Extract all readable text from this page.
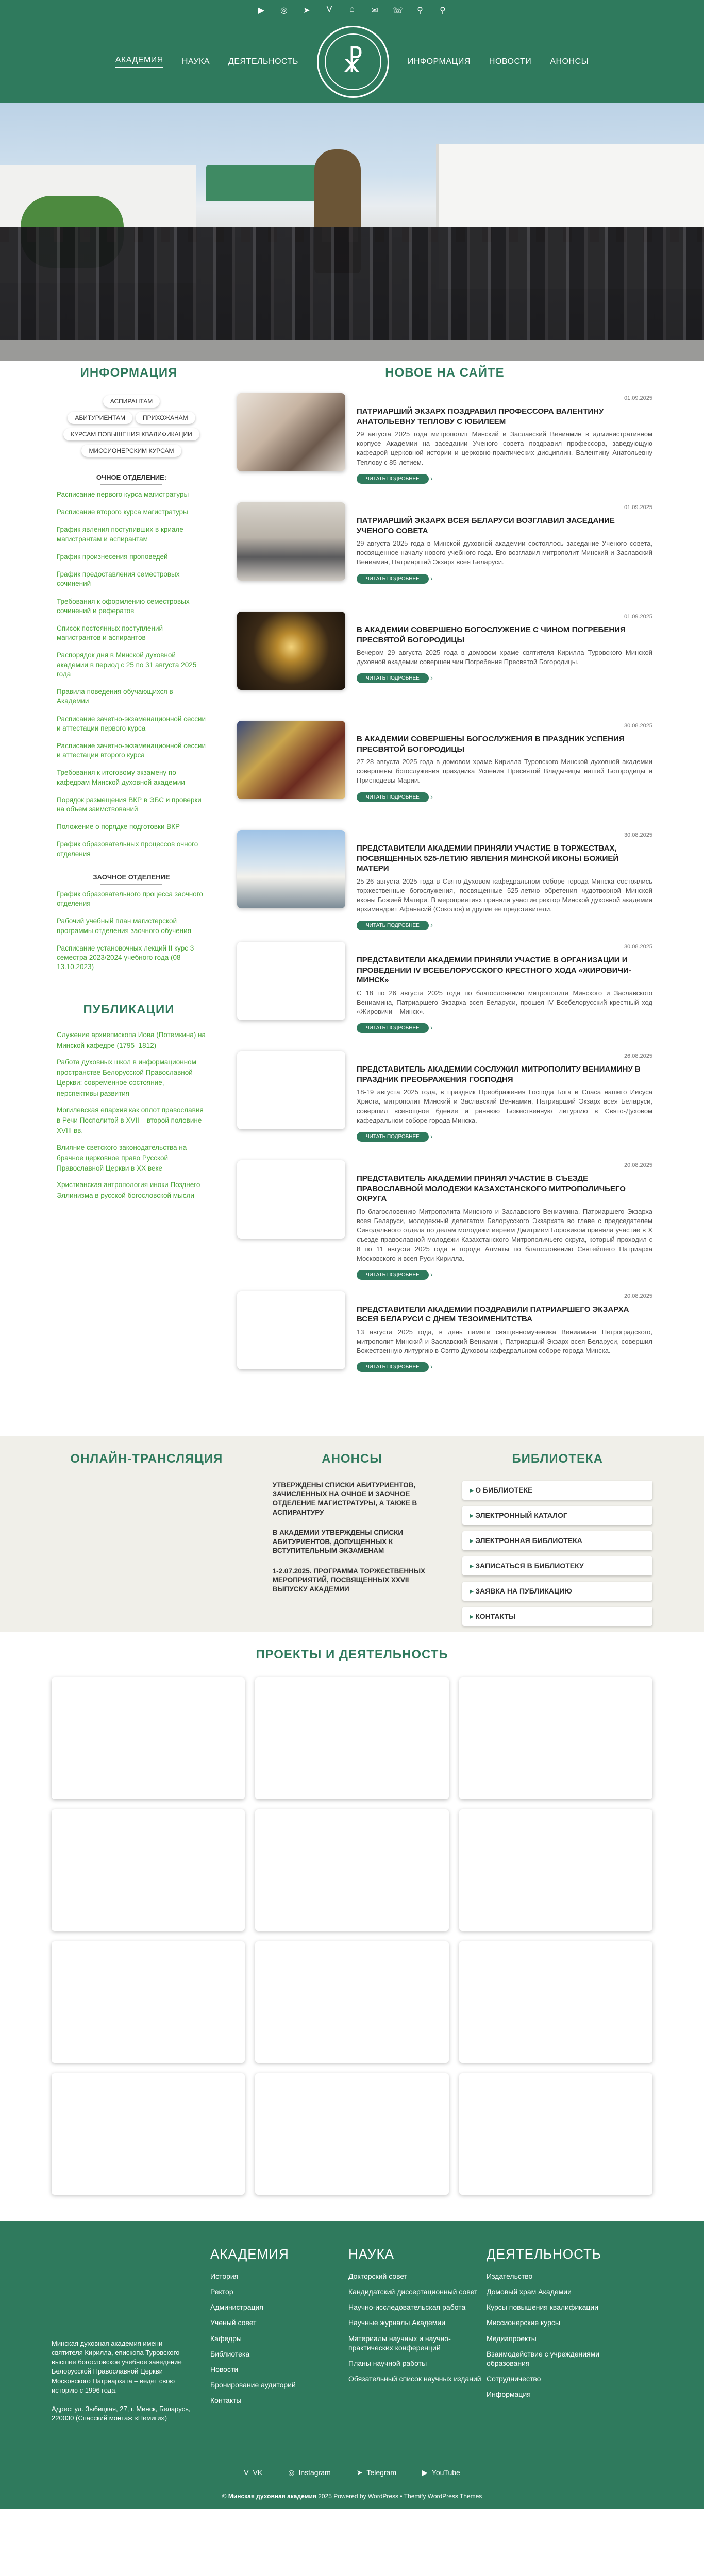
▶ ◎ ➤ V ⌂ ✉ ☏ ⚲ ⚲
АКАДЕМИЯ НАУКА ДЕЯТЕЛЬНОСТЬ	☧	ИНФОРМАЦИЯ НОВОСТИ АНОНСЫ
ИНФОРМАЦИЯ
АСПИРАНТАМ
АБИТУРИЕНТАМ	ПРИХОЖАНАМ
КУРСАМ ПОВЫШЕНИЯ КВАЛИФИКАЦИИ
МИССИОНЕРСКИМ КУРСАМ
ОЧНОЕ ОТДЕЛЕНИЕ:
Расписание первого курса магистратуры
Расписание второго курса магистратуры
График явления поступивших в криале магистрантам и аспирантам
График произнесения проповедей
График предоставления семестровых сочинений
Требования к оформлению семестровых сочинений и рефератов
Список постоянных поступлений магистрантов и аспирантов
Распорядок дня в Минской духовной академии в период с 25 по 31 августа 2025 года
Правила поведения обучающихся в Академии
Расписание зачетно-экзаменационной сессии и аттестации первого курса
Расписание зачетно-экзаменационной сессии и аттестации второго курса
Требования к итоговому экзамену по кафедрам Минской духовной академии
Порядок размещения ВКР в ЭБС и проверки на объем заимствований
Положение о порядке подготовки ВКР
График образовательных процессов очного отделения
ЗАОЧНОЕ ОТДЕЛЕНИЕ
График образовательного процесса заочного отделения
Рабочий учебный план магистерской программы отделения заочного обучения
Расписание установочных лекций II курс 3 семестра 2023/2024 учебного года (08 – 13.10.2023)
ПУБЛИКАЦИИ
Служение архиепископа Иова (Потемкина) на Минской кафедре (1795–1812)
Работа духовных школ в информационном пространстве Белорусской Православной Церкви: современное состояние, перспективы развития
Могилевская епархия как оплот православия в Речи Посполитой в XVII – второй половине XVIII вв.
Влияние светского законодательства на брачное церковное право Русской Православной Церкви в XX веке
Христианская антропология иноки Позднего Эллинизма в русской богословской мысли
НОВОЕ НА САЙТЕ
01.09.2025
ПАТРИАРШИЙ ЭКЗАРХ ПОЗДРАВИЛ ПРОФЕССОРА ВАЛЕНТИНУ АНАТОЛЬЕВНУ ТЕПЛОВУ С ЮБИЛЕЕМ
29 августа 2025 года митрополит Минский и Заславский Вениамин в административном корпусе Академии на заседании Ученого совета поздравил профессора, заведующую кафедрой церковной истории и церковно-практических дисциплин, Валентину Анатольевну Теплову с 85-летием.
ЧИТАТЬ ПОДРОБНЕЕ ›
01.09.2025
ПАТРИАРШИЙ ЭКЗАРХ ВСЕЯ БЕЛАРУСИ ВОЗГЛАВИЛ ЗАСЕДАНИЕ УЧЕНОГО СОВЕТА
29 августа 2025 года в Минской духовной академии состоялось заседание Ученого совета, посвященное началу нового учебного года. Его возглавил митрополит Минский и Заславский Вениамин, Патриарший Экзарх всея Беларуси.
ЧИТАТЬ ПОДРОБНЕЕ ›
01.09.2025
В АКАДЕМИИ СОВЕРШЕНО БОГОСЛУЖЕНИЕ С ЧИНОМ ПОГРЕБЕНИЯ ПРЕСВЯТОЙ БОГОРОДИЦЫ
Вечером 29 августа 2025 года в домовом храме святителя Кирилла Туровского Минской духовной академии совершен чин Погребения Пресвятой Богородицы.
ЧИТАТЬ ПОДРОБНЕЕ ›
30.08.2025
В АКАДЕМИИ СОВЕРШЕНЫ БОГОСЛУЖЕНИЯ В ПРАЗДНИК УСПЕНИЯ ПРЕСВЯТОЙ БОГОРОДИЦЫ
27-28 августа 2025 года в домовом храме Кирилла Туровского Минской духовной академии совершены богослужения праздника Успения Пресвятой Владычицы нашей Богородицы и Приснодевы Марии.
ЧИТАТЬ ПОДРОБНЕЕ ›
30.08.2025
ПРЕДСТАВИТЕЛИ АКАДЕМИИ ПРИНЯЛИ УЧАСТИЕ В ТОРЖЕСТВАХ, ПОСВЯЩЕННЫХ 525-ЛЕТИЮ ЯВЛЕНИЯ МИНСКОЙ ИКОНЫ БОЖИЕЙ МАТЕРИ
25-26 августа 2025 года в Свято-Духовом кафедральном соборе города Минска состоялись торжественные богослужения, посвященные 525-летию обретения чудотворной Минской иконы Божией Матери. В мероприятиях приняли участие ректор Минской духовной академии архимандрит Афанасий (Соколов) и другие ее представители.
ЧИТАТЬ ПОДРОБНЕЕ ›
30.08.2025
ПРЕДСТАВИТЕЛИ АКАДЕМИИ ПРИНЯЛИ УЧАСТИЕ В ОРГАНИЗАЦИИ И ПРОВЕДЕНИИ IV ВСЕБЕЛОРУССКОГО КРЕСТНОГО ХОДА «ЖИРОВИЧИ-МИНСК»
С 18 по 26 августа 2025 года по благословению митрополита Минского и Заславского Вениамина, Патриаршего Экзарха всея Беларуси, прошел IV Всебелорусский крестный ход «Жировичи – Минск».
ЧИТАТЬ ПОДРОБНЕЕ ›
26.08.2025
ПРЕДСТАВИТЕЛЬ АКАДЕМИИ СОСЛУЖИЛ МИТРОПОЛИТУ ВЕНИАМИНУ В ПРАЗДНИК ПРЕОБРАЖЕНИЯ ГОСПОДНЯ
18-19 августа 2025 года, в праздник Преображения Господа Бога и Спаса нашего Иисуса Христа, митрополит Минский и Заславский Вениамин, Патриарший Экзарх всея Беларуси, совершил всенощное бдение и раннюю Божественную литургию в Свято-Духовом кафедральном соборе города Минска.
ЧИТАТЬ ПОДРОБНЕЕ ›
20.08.2025
ПРЕДСТАВИТЕЛЬ АКАДЕМИИ ПРИНЯЛ УЧАСТИЕ В СЪЕЗДЕ ПРАВОСЛАВНОЙ МОЛОДЕЖИ КАЗАХСТАНСКОГО МИТРОПОЛИЧЬЕГО ОКРУГА
По благословению Митрополита Минского и Заславского Вениамина, Патриаршего Экзарха всея Беларуси, молодежный делегатом Белорусского Экзархата во главе с председателем Синодального отдела по делам молодежи иереем Дмитрием Боровиком приняла участие в Х съезде православной молодежи Казахстанского Митрополичьего округа, который проходил с 8 по 11 августа 2025 года в городе Алматы по благословению Святейшего Патриарха Московского и всея Руси Кирилла.
ЧИТАТЬ ПОДРОБНЕЕ ›
20.08.2025
ПРЕДСТАВИТЕЛИ АКАДЕМИИ ПОЗДРАВИЛИ ПАТРИАРШЕГО ЭКЗАРХА ВСЕЯ БЕЛАРУСИ С ДНЕМ ТЕЗОИМЕНИТСТВА
13 августа 2025 года, в день памяти священномученика Вениамина Петроградского, митрополит Минский и Заславский Вениамин, Патриарший Экзарх всея Беларуси, совершил Божественную литургию в Свято-Духовом кафедральном соборе города Минска.
ЧИТАТЬ ПОДРОБНЕЕ ›
ОНЛАЙН-ТРАНСЛЯЦИЯ	АНОНСЫ
УТВЕРЖДЕНЫ СПИСКИ АБИТУРИЕНТОВ, ЗАЧИСЛЕННЫХ НА ОЧНОЕ И ЗАОЧНОЕ ОТДЕЛЕНИЕ МАГИСТРАТУРЫ, А ТАКЖЕ В АСПИРАНТУРУ
В АКАДЕМИИ УТВЕРЖДЕНЫ СПИСКИ АБИТУРИЕНТОВ, ДОПУЩЕННЫХ К ВСТУПИТЕЛЬНЫМ ЭКЗАМЕНАМ
1-2.07.2025. ПРОГРАММА ТОРЖЕСТВЕННЫХ МЕРОПРИЯТИЙ, ПОСВЯЩЕННЫХ XXVII ВЫПУСКУ АКАДЕМИИ
БИБЛИОТЕКА
▸ О БИБЛИОТЕКЕ
▸ ЭЛЕКТРОННЫЙ КАТАЛОГ
▸ ЭЛЕКТРОННАЯ БИБЛИОТЕКА
▸ ЗАПИСАТЬСЯ В БИБЛИОТЕКУ
▸ ЗАЯВКА НА ПУБЛИКАЦИЮ
▸ КОНТАКТЫ
ПРОЕКТЫ И ДЕЯТЕЛЬНОСТЬ

Минская духовная академия имени святителя Кирилла, епископа Туровского – высшее богословское учебное заведение Белорусской Православной Церкви Московского Патриархата – ведет свою историю с 1996 года.

Адрес: ул. Зыбицкая, 27, г. Минск, Беларусь, 220030 (Спасский монтаж «Немиги»)

АКАДЕМИЯ
История
Ректор
Администрация
Ученый совет
Кафедры
Библиотека
Новости
Бронирование аудиторий
Контакты
НАУКА
Докторский совет
Кандидатский диссертационный совет
Научно-исследовательская работа
Научные журналы Академии
Материалы научных и научно-практических конференций
Планы научной работы
Обязательный список научных изданий
ДЕЯТЕЛЬНОСТЬ
Издательство
Домовый храм Академии
Курсы повышения квалификации
Миссионерские курсы
Медиапроекты
Взаимодействие с учреждениями образования
Сотрудничество
Информация
V VK	◎ Instagram	➤ Telegram	▶ YouTube
© Минская духовная академия 2025 Powered by WordPress • Themify WordPress Themes
